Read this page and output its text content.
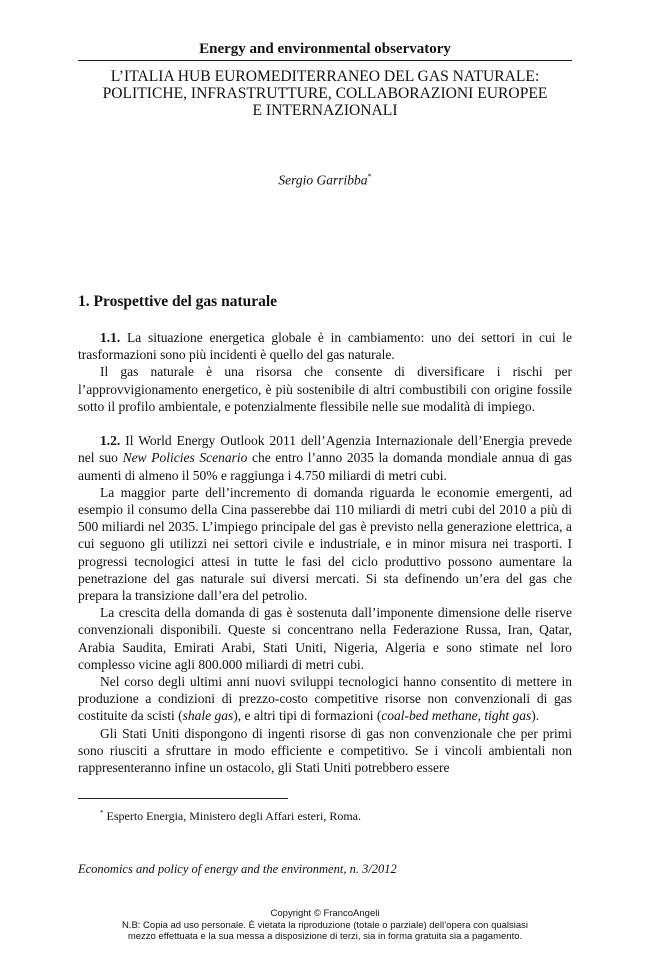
Energy and environmental observatory
L’ITALIA HUB EUROMEDITERRANEO DEL GAS NATURALE:
POLITICHE, INFRASTRUTTURE, COLLABORAZIONI EUROPEE
E INTERNAZIONALI
Sergio Garribba*
1. Prospettive del gas naturale

1.1. La situazione energetica globale è in cambiamento: uno dei settori in cui le trasformazioni sono più incidenti è quello del gas naturale.

Il gas naturale è una risorsa che consente di diversificare i rischi per l’approvvigionamento energetico, è più sostenibile di altri combustibili con origine fossile sotto il profilo ambientale, e potenzialmente flessibile nelle sue modalità di impiego.

1.2. Il World Energy Outlook 2011 dell’Agenzia Internazionale dell’Energia prevede nel suo New Policies Scenario che entro l’anno 2035 la domanda mondiale annua di gas aumenti di almeno il 50% e raggiunga i 4.750 miliardi di metri cubi.

La maggior parte dell’incremento di domanda riguarda le economie emergenti, ad esempio il consumo della Cina passerebbe dai 110 miliardi di metri cubi del 2010 a più di 500 miliardi nel 2035. L’impiego principale del gas è previsto nella generazione elettrica, a cui seguono gli utilizzi nei settori civile e industriale, e in minor misura nei trasporti. I progressi tecnologici attesi in tutte le fasi del ciclo produttivo possono aumentare la penetrazione del gas naturale sui diversi mercati. Si sta definendo un’era del gas che prepara la transizione dall’era del petrolio.

La crescita della domanda di gas è sostenuta dall’imponente dimensione delle riserve convenzionali disponibili. Queste si concentrano nella Federazione Russa, Iran, Qatar, Arabia Saudita, Emirati Arabi, Stati Uniti, Nigeria, Algeria e sono stimate nel loro complesso vicine agli 800.000 miliardi di metri cubi.

Nel corso degli ultimi anni nuovi sviluppi tecnologici hanno consentito di mettere in produzione a condizioni di prezzo-costo competitive risorse non convenzionali di gas costituite da scisti (shale gas), e altri tipi di formazioni (coal-bed methane, tight gas).

Gli Stati Uniti dispongono di ingenti risorse di gas non convenzionale che per primi sono riusciti a sfruttare in modo efficiente e competitivo. Se i vincoli ambientali non rappresenteranno infine un ostacolo, gli Stati Uniti potrebbero essere

* Esperto Energia, Ministero degli Affari esteri, Roma.
Economics and policy of energy and the environment, n. 3/2012
Copyright © FrancoAngeli
N.B: Copia ad uso personale. È vietata la riproduzione (totale o parziale) dell’opera con qualsiasi
mezzo effettuata e la sua messa a disposizione di terzi, sia in forma gratuita sia a pagamento.
